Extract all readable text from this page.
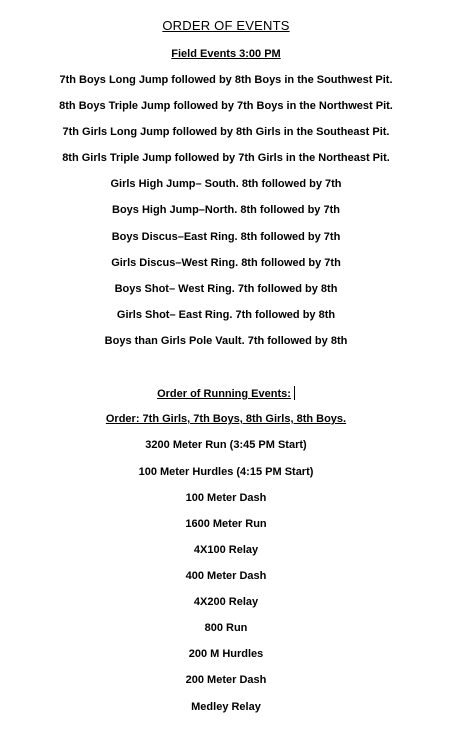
ORDER OF EVENTS
Field Events 3:00 PM
7th Boys Long Jump followed by 8th Boys in the Southwest Pit.
8th Boys Triple Jump followed by 7th Boys in the Northwest Pit.
7th Girls Long Jump followed by 8th Girls in the Southeast Pit.
8th Girls Triple Jump followed by 7th Girls in the Northeast Pit.
Girls High Jump– South. 8th followed by 7th
Boys High Jump–North. 8th followed by 7th
Boys Discus–East Ring. 8th followed by 7th
Girls Discus–West Ring. 8th followed by 7th
Boys Shot– West Ring. 7th followed by 8th
Girls Shot– East Ring. 7th followed by 8th
Boys than Girls Pole Vault. 7th followed by 8th
Order of Running Events:
Order: 7th Girls, 7th Boys, 8th Girls, 8th Boys.
3200 Meter Run (3:45 PM Start)
100 Meter Hurdles (4:15 PM Start)
100 Meter Dash
1600 Meter Run
4X100 Relay
400 Meter Dash
4X200 Relay
800 Run
200 M Hurdles
200 Meter Dash
Medley Relay
